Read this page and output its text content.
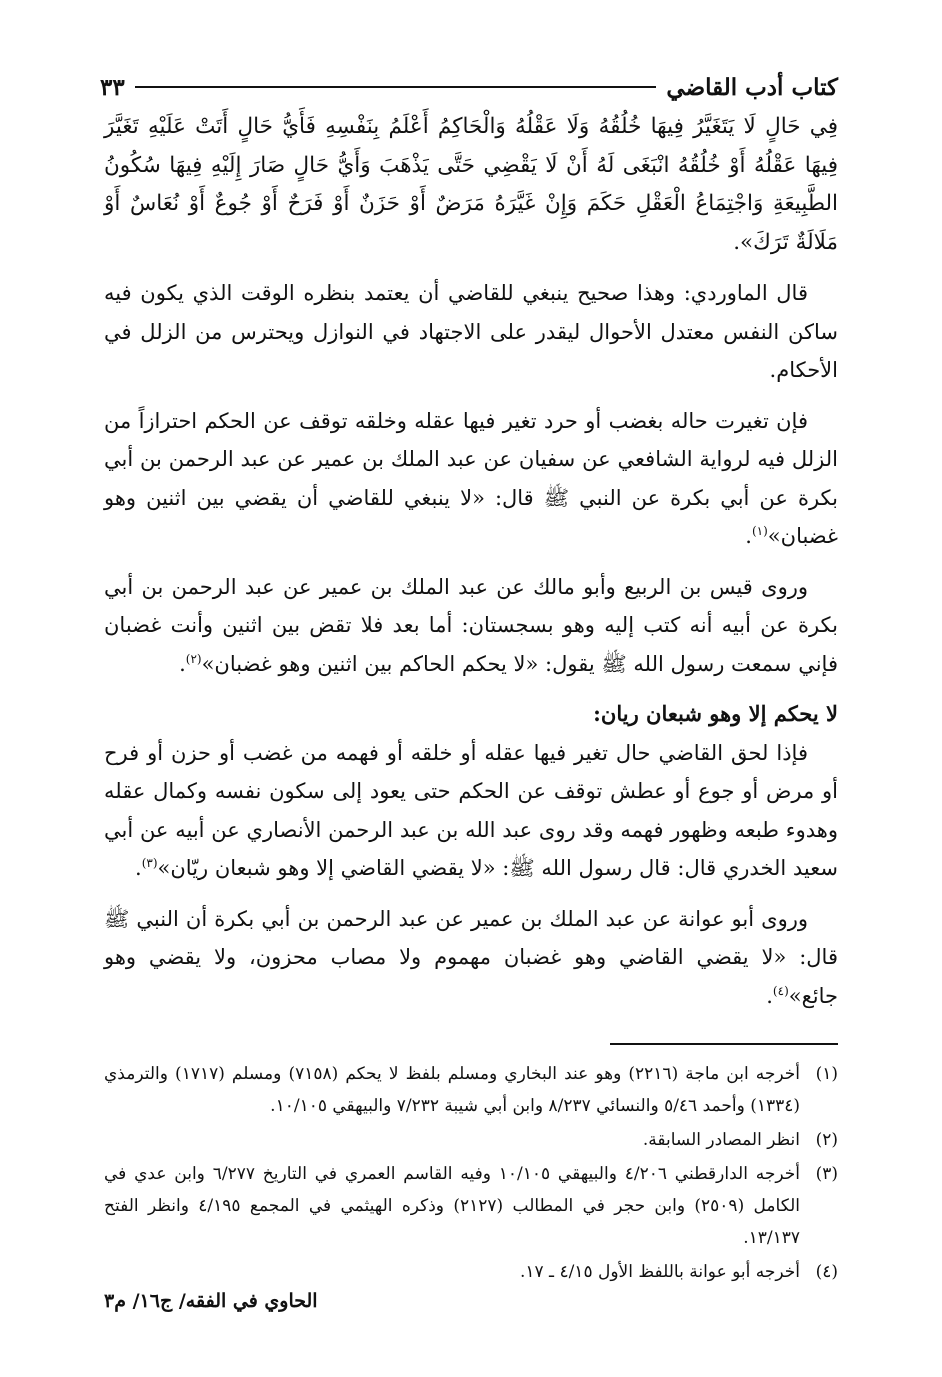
كتاب أدب القاضي
٣٣

فِي حَالٍ لَا يَتَغَيَّرُ فِيهَا خُلُقُهُ وَلَا عَقْلُهُ وَالْحَاكِمُ أَعْلَمُ بِنَفْسِهِ فَأَيُّ حَالٍ أَتَتْ عَلَيْهِ تَغَيَّرَ فِيهَا عَقْلُهُ أَوْ خُلُقُهُ انْبَغَى لَهُ أَنْ لَا يَقْضِي حَتَّى يَذْهَبَ وَأَيُّ حَالٍ صَارَ إِلَيْهِ فِيهَا سُكُونُ الطَّبِيعَةِ وَاجْتِمَاعُ الْعَقْلِ حَكَمَ وَإِنْ غَيَّرَهُ مَرَضٌ أَوْ حَزَنٌ أَوْ فَرَحٌ أَوْ جُوعٌ أَوْ نُعَاسٌ أَوْ مَلَالَةٌ تَرَكَ».

قال الماوردي: وهذا صحيح ينبغي للقاضي أن يعتمد بنظره الوقت الذي يكون فيه ساكن النفس معتدل الأحوال ليقدر على الاجتهاد في النوازل ويحترس من الزلل في الأحكام.

فإن تغيرت حاله بغضب أو حرد تغير فيها عقله وخلقه توقف عن الحكم احترازاً من الزلل فيه لرواية الشافعي عن سفيان عن عبد الملك بن عمير عن عبد الرحمن بن أبي بكرة عن أبي بكرة عن النبي ﷺ قال: «لا ينبغي للقاضي أن يقضي بين اثنين وهو غضبان»$^{(١)}$.

وروى قيس بن الربيع وأبو مالك عن عبد الملك بن عمير عن عبد الرحمن بن أبي بكرة عن أبيه أنه كتب إليه وهو بسجستان: أما بعد فلا تقض بين اثنين وأنت غضبان فإني سمعت رسول الله ﷺ يقول: «لا يحكم الحاكم بين اثنين وهو غضبان»$^{(٢)}$.

لا يحكم إلا وهو شبعان ريان:

فإذا لحق القاضي حال تغير فيها عقله أو خلقه أو فهمه من غضب أو حزن أو فرح أو مرض أو جوع أو عطش توقف عن الحكم حتى يعود إلى سكون نفسه وكمال عقله وهدوء طبعه وظهور فهمه وقد روى عبد الله بن عبد الرحمن الأنصاري عن أبيه عن أبي سعيد الخدري قال: قال رسول الله ﷺ: «لا يقضي القاضي إلا وهو شبعان ريّان»$^{(٣)}$.

وروى أبو عوانة عن عبد الملك بن عمير عن عبد الرحمن بن أبي بكرة أن النبي ﷺ قال: «لا يقضي القاضي وهو غضبان مهموم ولا مصاب محزون، ولا يقضي وهو جائع»$^{(٤)}$.

(١)
أخرجه ابن ماجة (٢٢١٦) وهو عند البخاري ومسلم بلفظ لا يحكم (٧١٥٨) ومسلم (١٧١٧) والترمذي (١٣٣٤) وأحمد ٥/٤٦ والنسائي ٨/٢٣٧ وابن أبي شيبة ٧/٢٣٢ والبيهقي ١٠/١٠٥.
(٢)
انظر المصادر السابقة.
(٣)
أخرجه الدارقطني ٤/٢٠٦ والبيهقي ١٠/١٠٥ وفيه القاسم العمري في التاريخ ٦/٢٧٧ وابن عدي في الكامل (٢٥٠٩) وابن حجر في المطالب (٢١٢٧) وذكره الهيثمي في المجمع ٤/١٩٥ وانظر الفتح ١٣/١٣٧.
(٤)
أخرجه أبو عوانة باللفظ الأول ٤/١٥ ـ ١٧.
الحاوي في الفقه/ ج١٦/ م٣
